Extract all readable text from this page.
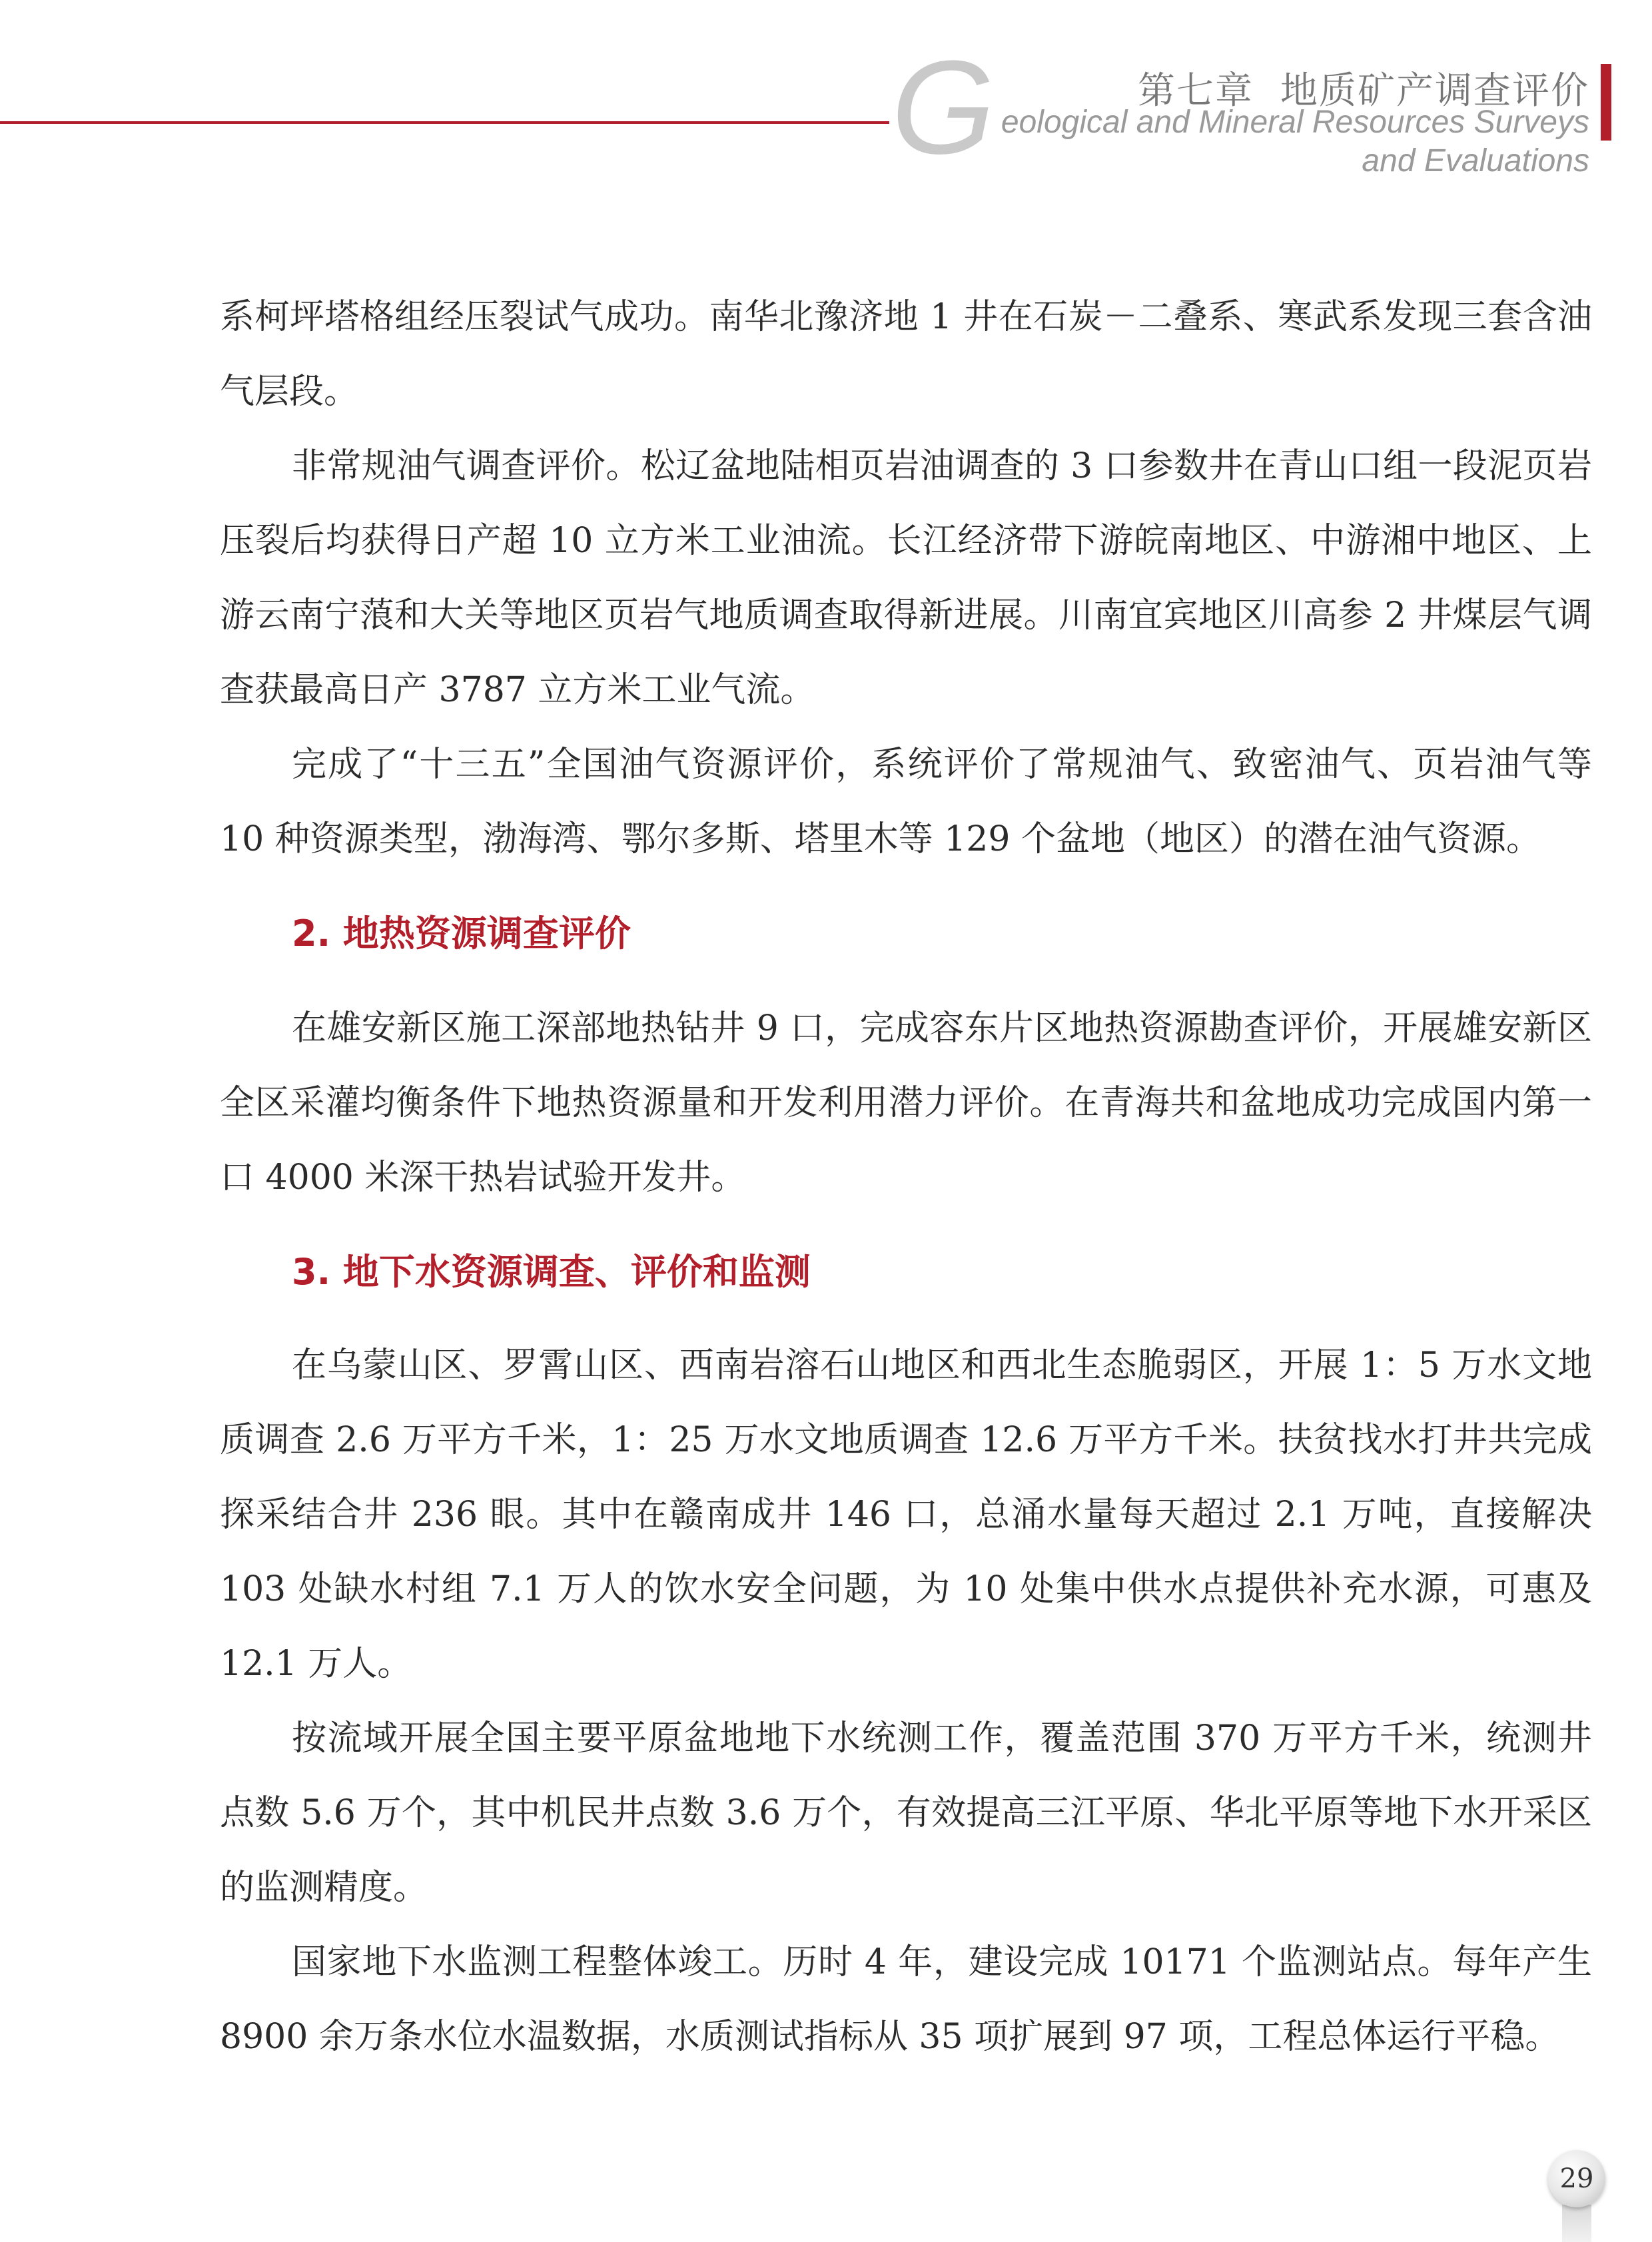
G	第七章 地质矿产调查评价
eological and Mineral Resources Surveys
and Evaluations

系柯坪塔格组经压裂试气成功。南华北豫济地 1 井在石炭－二叠系、寒武系发现三套含油气层段。

非常规油气调查评价。松辽盆地陆相页岩油调查的 3 口参数井在青山口组一段泥页岩压裂后均获得日产超 10 立方米工业油流。长江经济带下游皖南地区、中游湘中地区、上游云南宁蒗和大关等地区页岩气地质调查取得新进展。川南宜宾地区川高参 2 井煤层气调查获最高日产 3787 立方米工业气流。

完成了“十三五”全国油气资源评价，系统评价了常规油气、致密油气、页岩油气等 10 种资源类型，渤海湾、鄂尔多斯、塔里木等 129 个盆地（地区）的潜在油气资源。

2. 地热资源调查评价

在雄安新区施工深部地热钻井 9 口，完成容东片区地热资源勘查评价，开展雄安新区全区采灌均衡条件下地热资源量和开发利用潜力评价。在青海共和盆地成功完成国内第一口 4000 米深干热岩试验开发井。

3. 地下水资源调查、评价和监测

在乌蒙山区、罗霄山区、西南岩溶石山地区和西北生态脆弱区，开展 1：5 万水文地质调查 2.6 万平方千米，1：25 万水文地质调查 12.6 万平方千米。扶贫找水打井共完成探采结合井 236 眼。其中在赣南成井 146 口，总涌水量每天超过 2.1 万吨，直接解决 103 处缺水村组 7.1 万人的饮水安全问题，为 10 处集中供水点提供补充水源，可惠及 12.1 万人。

按流域开展全国主要平原盆地地下水统测工作，覆盖范围 370 万平方千米，统测井点数 5.6 万个，其中机民井点数 3.6 万个，有效提高三江平原、华北平原等地下水开采区的监测精度。

国家地下水监测工程整体竣工。历时 4 年，建设完成 10171 个监测站点。每年产生 8900 余万条水位水温数据，水质测试指标从 35 项扩展到 97 项，工程总体运行平稳。

29
